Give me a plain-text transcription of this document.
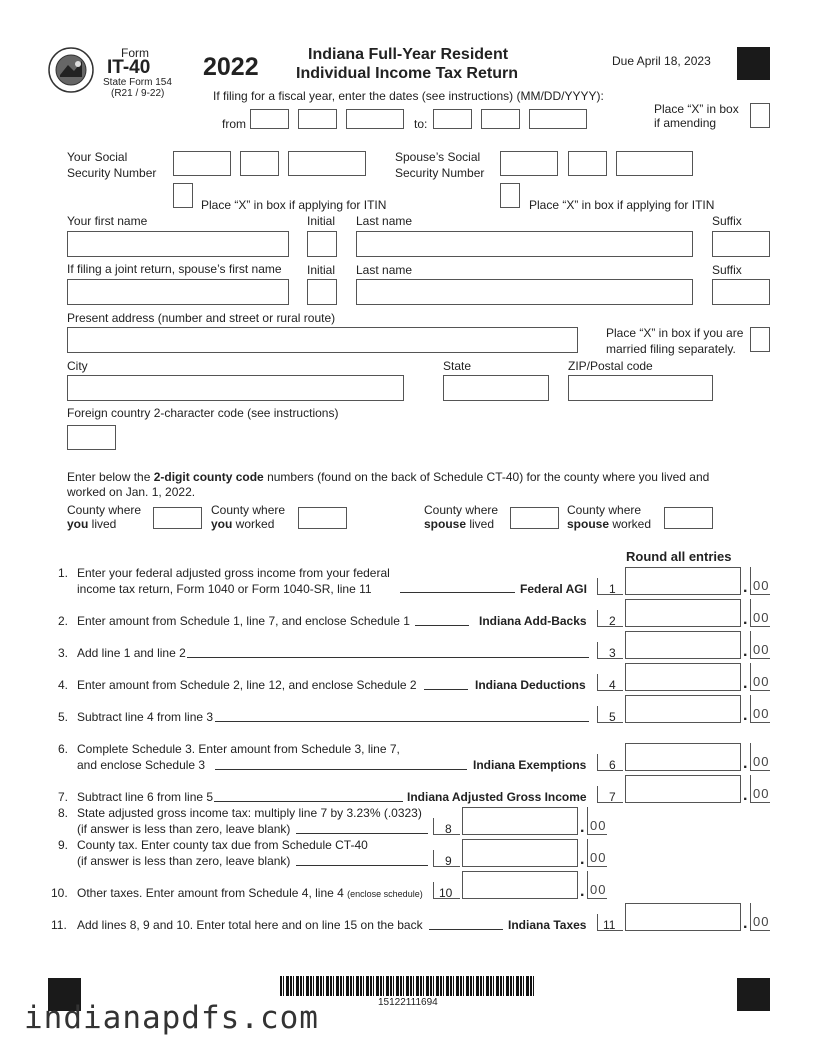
Form
IT-40
State Form 154
(R21 / 9-22)
2022	Indiana Full-Year Resident
Individual Income Tax Return
Due April 18, 2023
If filing for a fiscal year, enter the dates (see instructions) (MM/DD/YYYY):
from	to:
Place “X” in box
if amending
Your Social
Security Number
Spouse’s Social
Security Number
Place “X” in box if applying for ITIN	Place “X” in box if applying for ITIN
Your first name	Initial Last name	Suffix
If filing a joint return, spouse’s first name Initial Last name	Suffix
Present address (number and street or rural route)
Place “X” in box if you are
married filing separately.
City	State	ZIP/Postal code
Foreign country 2-character code (see instructions)
Enter below the 2-digit county code numbers (found on the back of Schedule CT-40) for the county where you lived and
worked on Jan. 1, 2022.
County where
you lived
County where
you worked
County where
spouse lived
County where
spouse worked
Round all entries
1. Enter your federal adjusted gross income from your federal
income tax return, Form 1040 or Form 1040-SR, line 11	Federal AGI 1	. 00
2. Enter amount from Schedule 1, line 7, and enclose Schedule 1	Indiana Add-Backs 2	. 00
3. Add line 1 and line 2	3	. 00
4. Enter amount from Schedule 2, line 12, and enclose Schedule 2	Indiana Deductions 4	. 00
5. Subtract line 4 from line 3	5	. 00
6. Complete Schedule 3. Enter amount from Schedule 3, line 7,
and enclose Schedule 3	Indiana Exemptions 6	. 00
7. Subtract line 6 from line 5	Indiana Adjusted Gross Income 7	. 00
8. State adjusted gross income tax: multiply line 7 by 3.23% (.0323)
(if answer is less than zero, leave blank)	8	. 00
9. County tax. Enter county tax due from Schedule CT-40
(if answer is less than zero, leave blank)	9	. 00
10. Other taxes. Enter amount from Schedule 4, line 4 (enclose schedule) 10	. 00
11. Add lines 8, 9 and 10. Enter total here and on line 15 on the back	Indiana Taxes 11	. 00
15122111694
indianapdfs.com
